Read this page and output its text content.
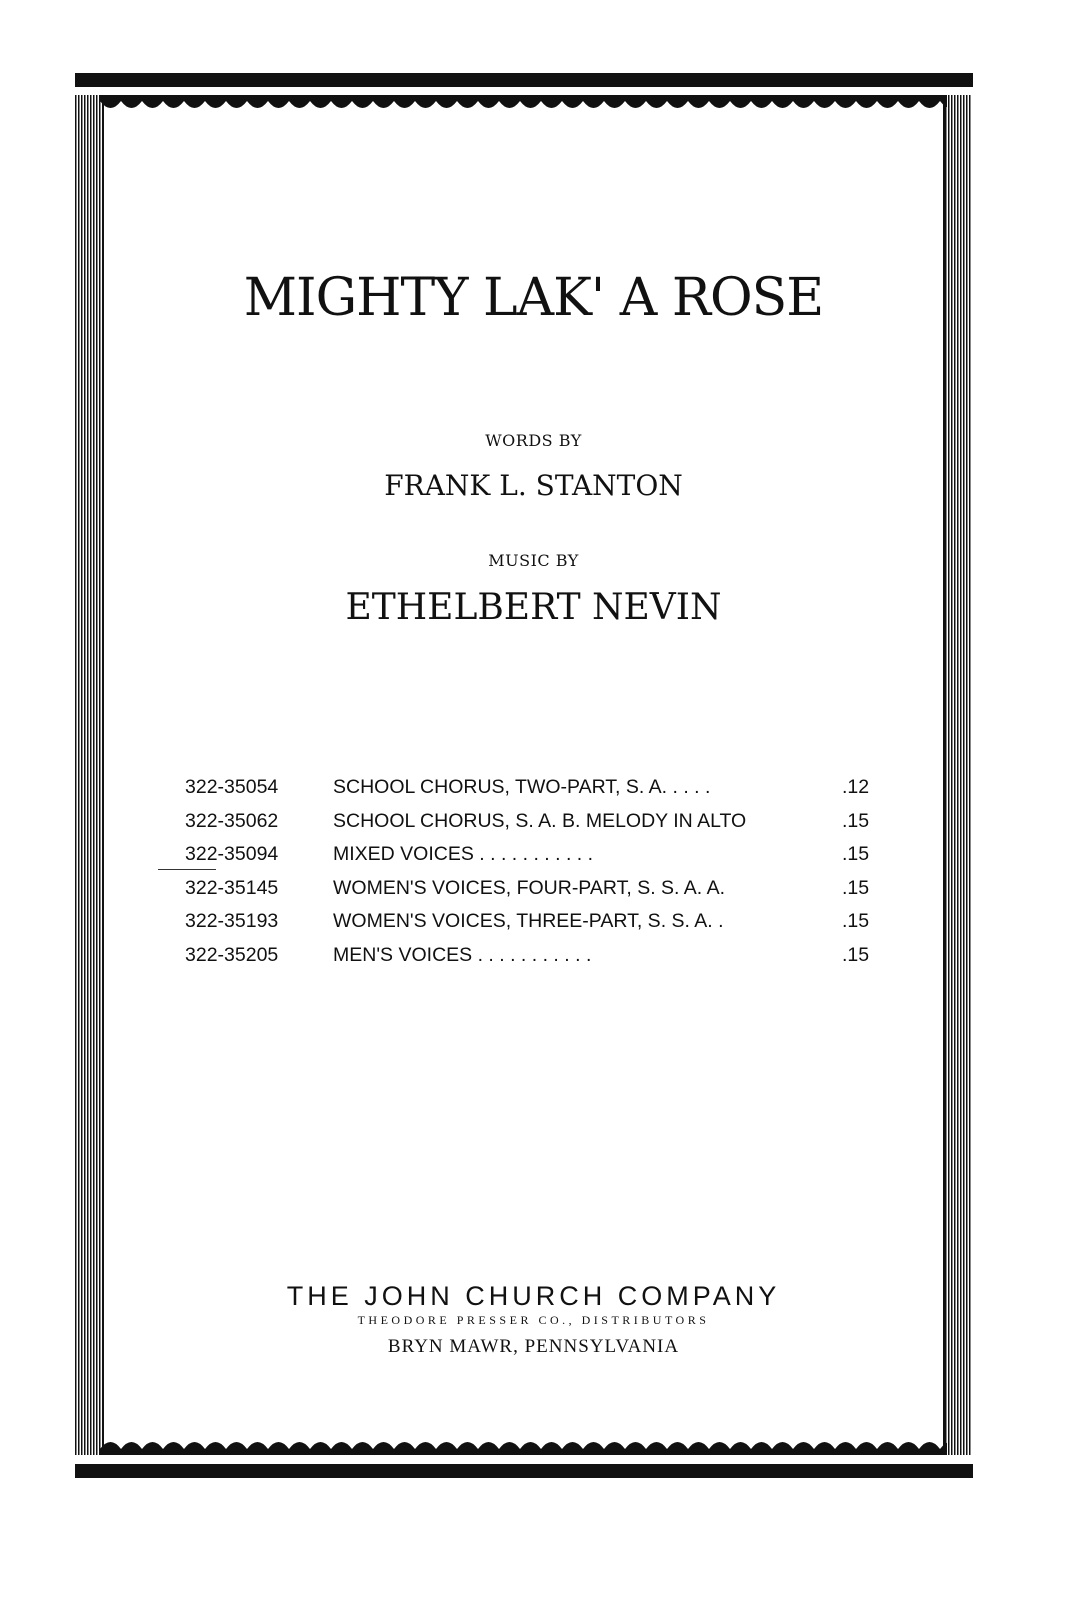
MIGHTY LAK' A ROSE
WORDS BY
FRANK L. STANTON
MUSIC BY
ETHELBERT NEVIN
322-35054	SCHOOL CHORUS, TWO-PART, S. A. . . . .	.12
322-35062	SCHOOL CHORUS, S. A. B. MELODY IN ALTO	.15
322-35094	MIXED VOICES . . . . . . . . . . .	.15
322-35145	WOMEN'S VOICES, FOUR-PART, S. S. A. A.	.15
322-35193	WOMEN'S VOICES, THREE-PART, S. S. A. .	.15
322-35205	MEN'S VOICES . . . . . . . . . . .	.15
THE JOHN CHURCH COMPANY
THEODORE PRESSER CO., DISTRIBUTORS
BRYN MAWR, PENNSYLVANIA
